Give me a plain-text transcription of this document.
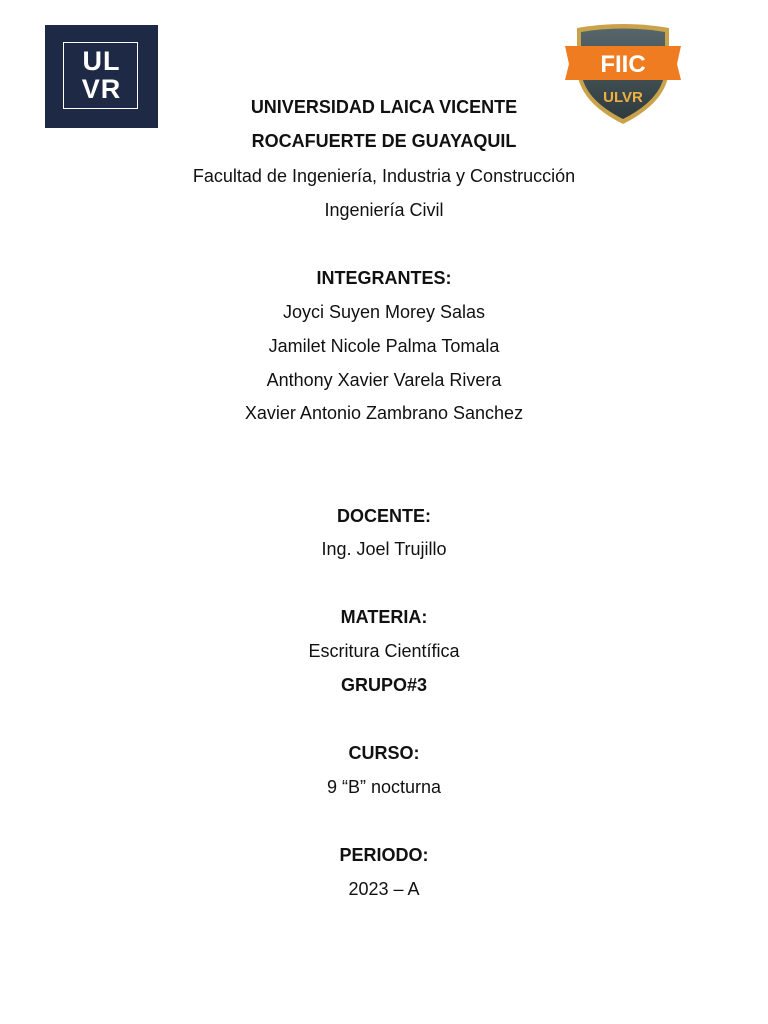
UL
VR
FIIC
ULVR
UNIVERSIDAD LAICA VICENTE
ROCAFUERTE DE GUAYAQUIL
Facultad de Ingeniería, Industria y Construcción
Ingeniería Civil
INTEGRANTES:
Joyci Suyen Morey Salas
Jamilet Nicole Palma Tomala
Anthony Xavier Varela Rivera
Xavier Antonio Zambrano Sanchez
DOCENTE:
Ing. Joel Trujillo
MATERIA:
Escritura Científica
GRUPO#3
CURSO:
9 “B” nocturna
PERIODO:
2023 – A
